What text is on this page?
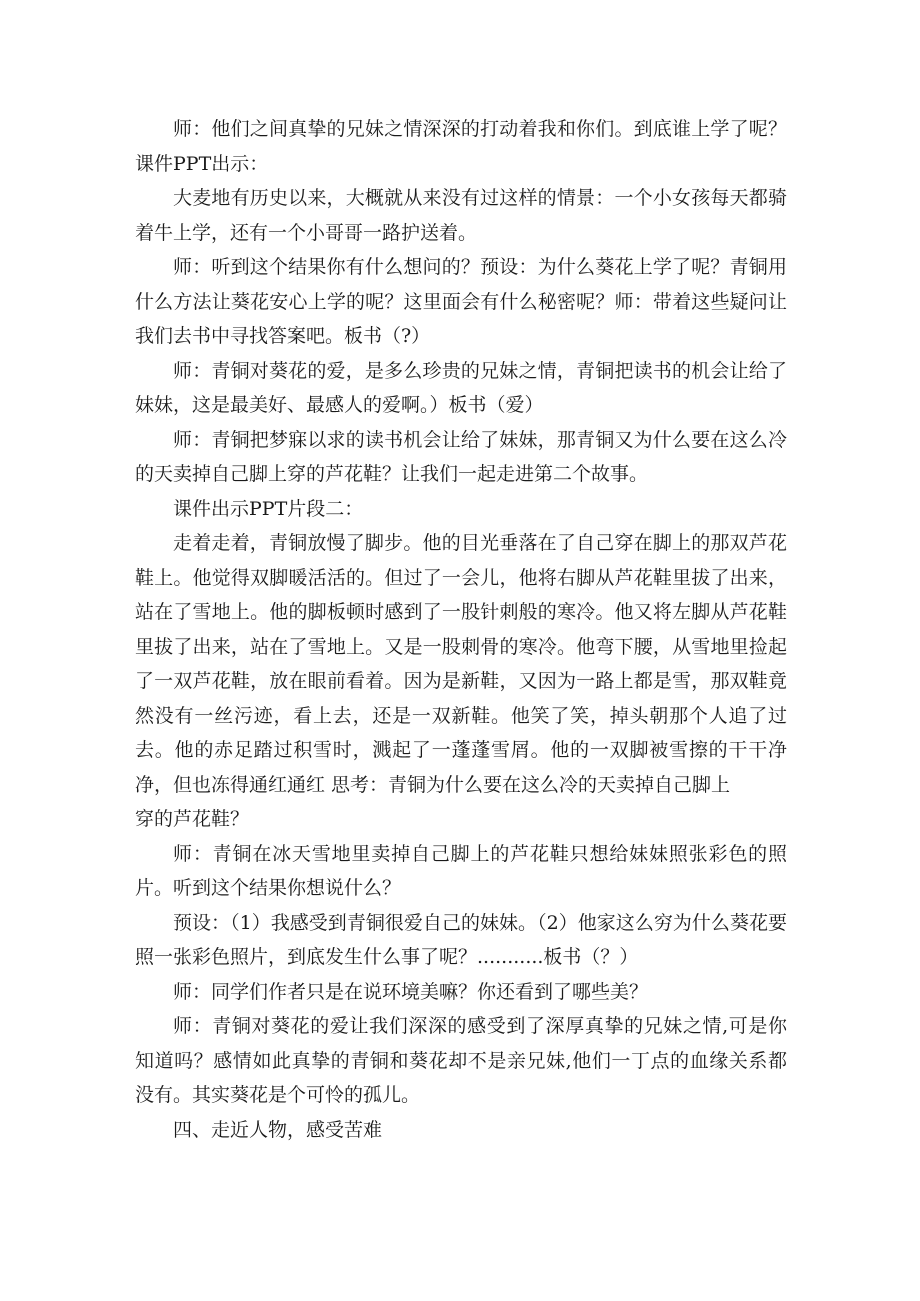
师：他们之间真挚的兄妹之情深深的打动着我和你们。到底谁上学了呢？课件PPT出示：

大麦地有历史以来，大概就从来没有过这样的情景：一个小女孩每天都骑着牛上学，还有一个小哥哥一路护送着。

师：听到这个结果你有什么想问的？预设：为什么葵花上学了呢？青铜用什么方法让葵花安心上学的呢？这里面会有什么秘密呢？师：带着这些疑问让我们去书中寻找答案吧。板书（?）

师：青铜对葵花的爱，是多么珍贵的兄妹之情，青铜把读书的机会让给了妹妹，这是最美好、最感人的爱啊。）板书（爱）

师：青铜把梦寐以求的读书机会让给了妹妹，那青铜又为什么要在这么冷的天卖掉自己脚上穿的芦花鞋？让我们一起走进第二个故事。

课件出示PPT片段二：

走着走着，青铜放慢了脚步。他的目光垂落在了自己穿在脚上的那双芦花鞋上。他觉得双脚暖活活的。但过了一会儿，他将右脚从芦花鞋里拔了出来，站在了雪地上。他的脚板顿时感到了一股针刺般的寒冷。他又将左脚从芦花鞋里拔了出来，站在了雪地上。又是一股刺骨的寒冷。他弯下腰，从雪地里捡起了一双芦花鞋，放在眼前看着。因为是新鞋，又因为一路上都是雪，那双鞋竟然没有一丝污迹，看上去，还是一双新鞋。他笑了笑，掉头朝那个人追了过去。他的赤足踏过积雪时，溅起了一蓬蓬雪屑。他的一双脚被雪擦的干干净净，但也冻得通红通红 思考：青铜为什么要在这么冷的天卖掉自己脚上

穿的芦花鞋？

师：青铜在冰天雪地里卖掉自己脚上的芦花鞋只想给妹妹照张彩色的照片。听到这个结果你想说什么？

预设：（1）我感受到青铜很爱自己的妹妹。（2）他家这么穷为什么葵花要照一张彩色照片，到底发生什么事了呢？...........板书（？）

师：同学们作者只是在说环境美嘛？你还看到了哪些美？

师：青铜对葵花的爱让我们深深的感受到了深厚真挚的兄妹之情,可是你知道吗？感情如此真挚的青铜和葵花却不是亲兄妹,他们一丁点的血缘关系都没有。其实葵花是个可怜的孤儿。

四、走近人物，感受苦难
